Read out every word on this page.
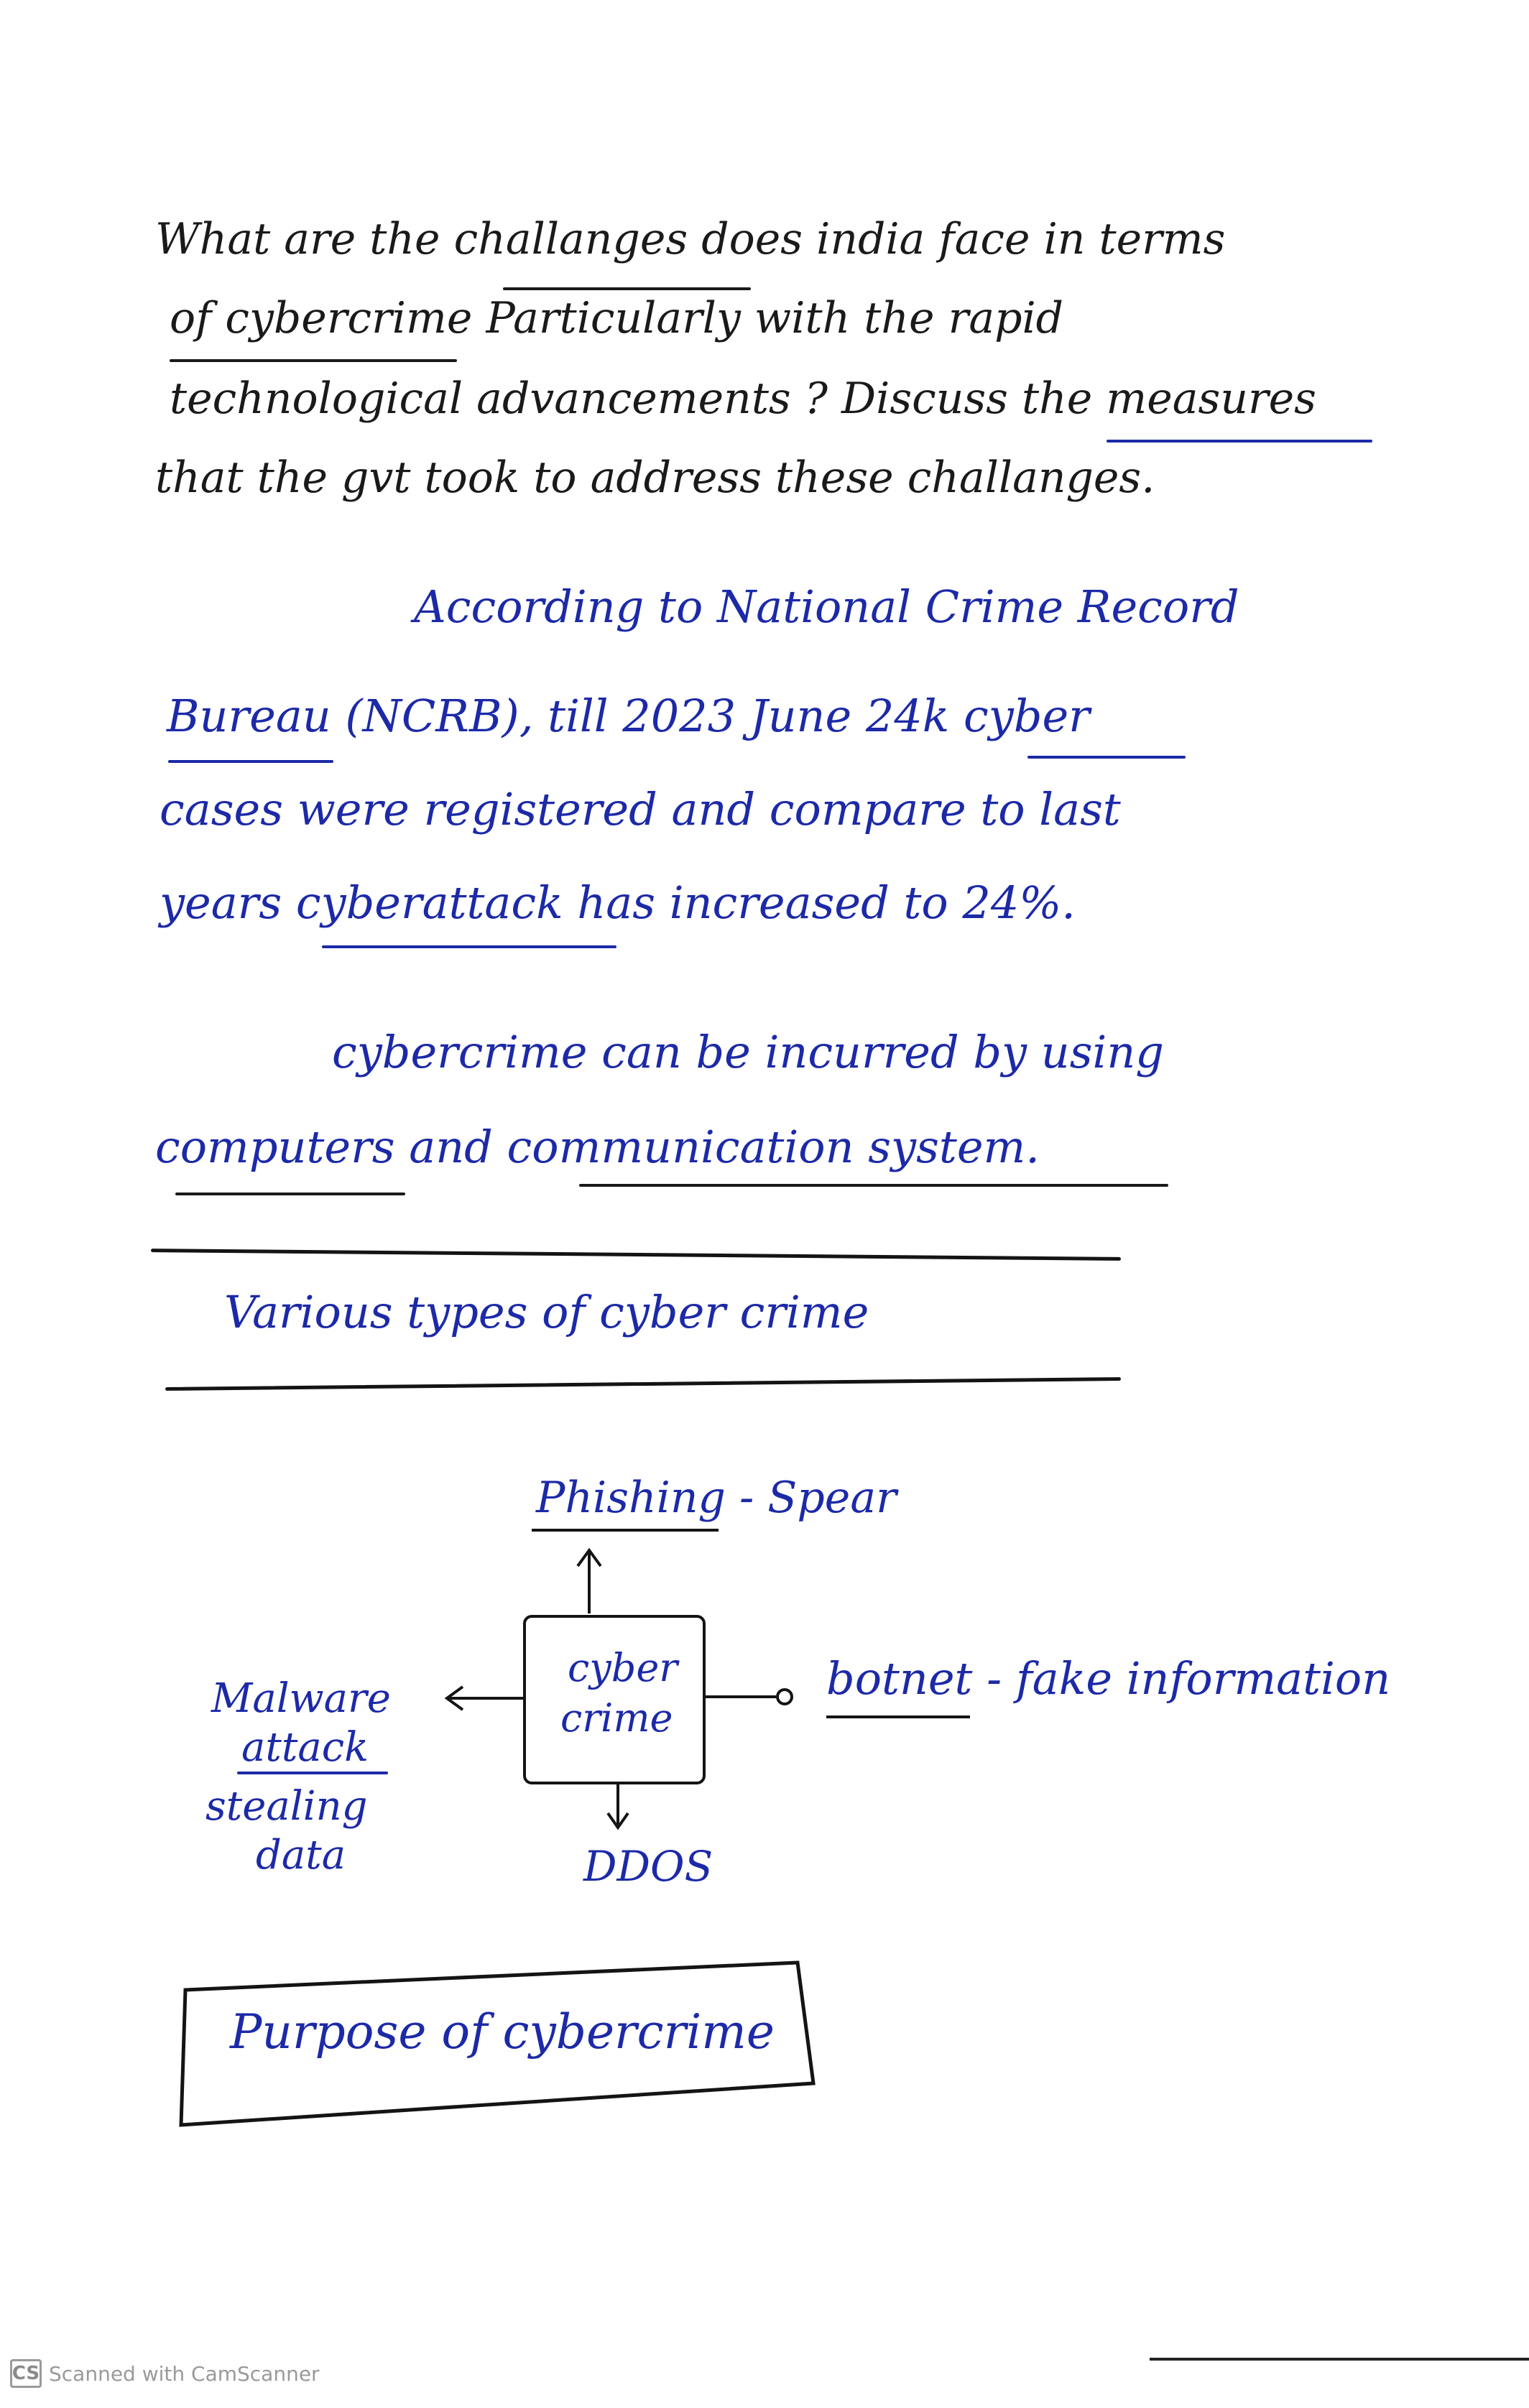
What are the challanges does india face in terms
of cybercrime Particularly with the rapid
technological advancements ? Discuss the measures
that the gvt took to address these challanges.
According to National Crime Record
Bureau (NCRB), till 2023 June 24k cyber
cases were registered and compare to last
years cyberattack has increased to 24%.
cybercrime can be incurred by using
computers and communication system.
Various types of cyber crime
cyber
crime
Phishing - Spear
botnet - fake information
DDOS
Malware
attack
stealing
data
Purpose of cybercrime
CS Scanned with CamScanner
